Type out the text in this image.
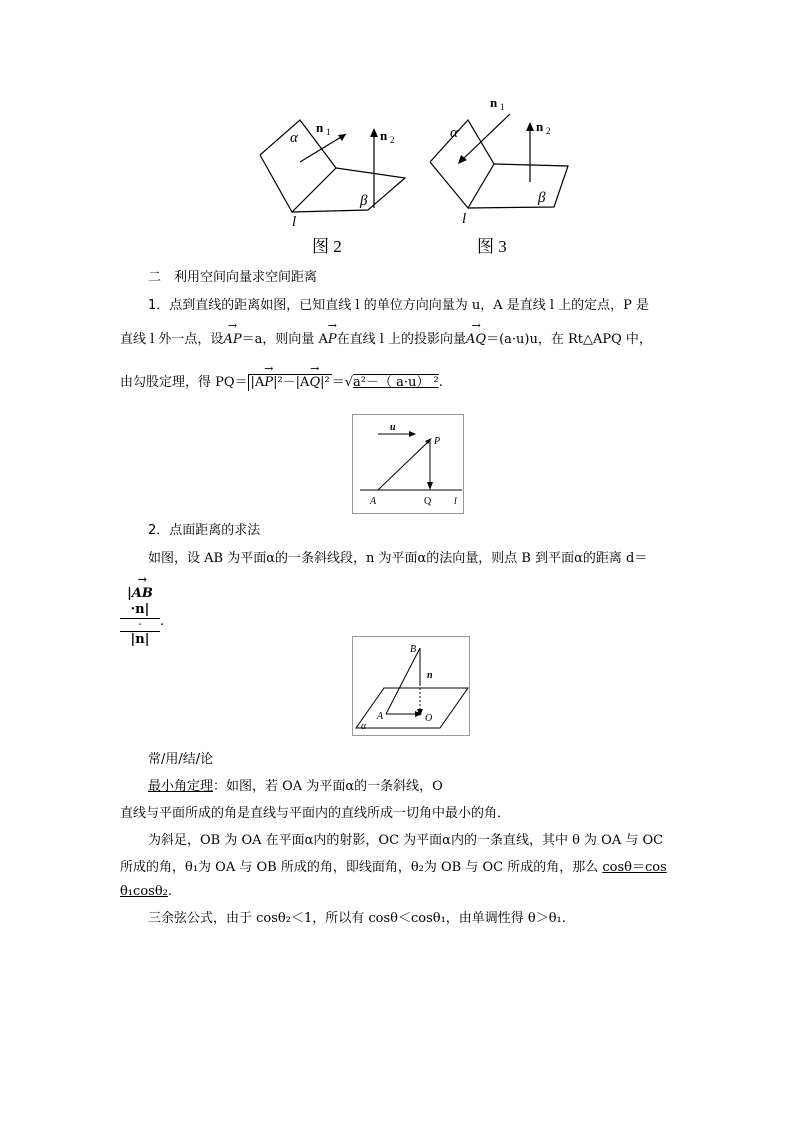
α
β
l
n 1	n 2
图 2
α
β
l
n 1
n 2
图 3
二　利用空间向量求空间距离
1．点到直线的距离如图，已知直线 l 的单位方向向量为 u，A 是直线 l 上的定点，P 是
直线 l 外一点，设→ AP＝a，则向量 A→ P在直线 l 上的投影向量→ AQ＝(a·u)u，在 Rt△APQ 中，
由勾股定理，得 PQ＝ |A→ P|²－|A→ Q|² ＝√a²－（ a·u） ².
u
P
A	Q l
2．点面距离的求法
如图，设 AB 为平面α的一条斜线段，n 为平面α的法向量，则点 B 到平面α的距离 d＝
|→ AB·n|
-
|n|
.
B
n
A	O
α
常/用/结/论
最小角定理：如图，若 OA 为平面α的一条斜线，O
直线与平面所成的角是直线与平面内的直线所成一切角中最小的角．
为斜足，OB 为 OA 在平面α内的射影，OC 为平面α内的一条直线，其中 θ 为 OA 与 OC
所成的角，θ₁为 OA 与 OB 所成的角，即线面角，θ₂为 OB 与 OC 所成的角，那么 cosθ＝cos
θ₁cosθ₂.
三余弦公式，由于 cosθ₂＜1，所以有 cosθ＜cosθ₁，由单调性得 θ＞θ₁.
